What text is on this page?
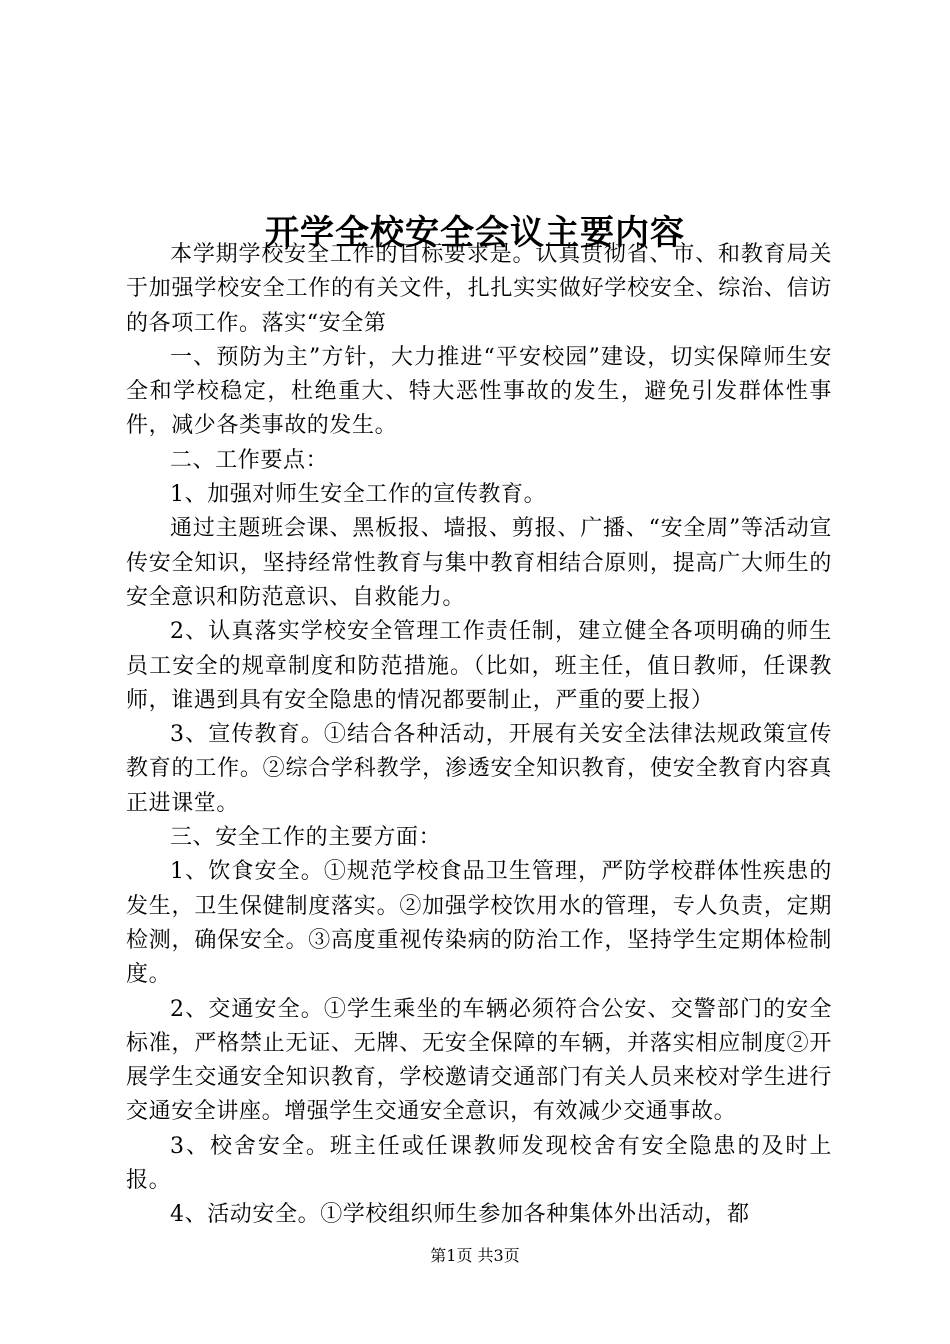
开学全校安全会议主要内容

本学期学校安全工作的目标要求是。认真贯彻省、市、和教育局关于加强学校安全工作的有关文件，扎扎实实做好学校安全、综治、信访的各项工作。落实“安全第

一、预防为主”方针，大力推进“平安校园”建设，切实保障师生安全和学校稳定，杜绝重大、特大恶性事故的发生，避免引发群体性事件，减少各类事故的发生。

二、工作要点：

1、加强对师生安全工作的宣传教育。

通过主题班会课、黑板报、墙报、剪报、广播、“安全周”等活动宣传安全知识，坚持经常性教育与集中教育相结合原则，提高广大师生的安全意识和防范意识、自救能力。

2、认真落实学校安全管理工作责任制，建立健全各项明确的师生员工安全的规章制度和防范措施。（比如，班主任，值日教师，任课教师，谁遇到具有安全隐患的情况都要制止，严重的要上报）

3、宣传教育。①结合各种活动，开展有关安全法律法规政策宣传教育的工作。②综合学科教学，渗透安全知识教育，使安全教育内容真正进课堂。

三、安全工作的主要方面：

1、饮食安全。①规范学校食品卫生管理，严防学校群体性疾患的发生，卫生保健制度落实。②加强学校饮用水的管理，专人负责，定期检测，确保安全。③高度重视传染病的防治工作，坚持学生定期体检制度。

2、交通安全。①学生乘坐的车辆必须符合公安、交警部门的安全标准，严格禁止无证、无牌、无安全保障的车辆，并落实相应制度②开展学生交通安全知识教育，学校邀请交通部门有关人员来校对学生进行交通安全讲座。增强学生交通安全意识，有效减少交通事故。

3、校舍安全。班主任或任课教师发现校舍有安全隐患的及时上报。

4、活动安全。①学校组织师生参加各种集体外出活动，都

第1页 共3页
